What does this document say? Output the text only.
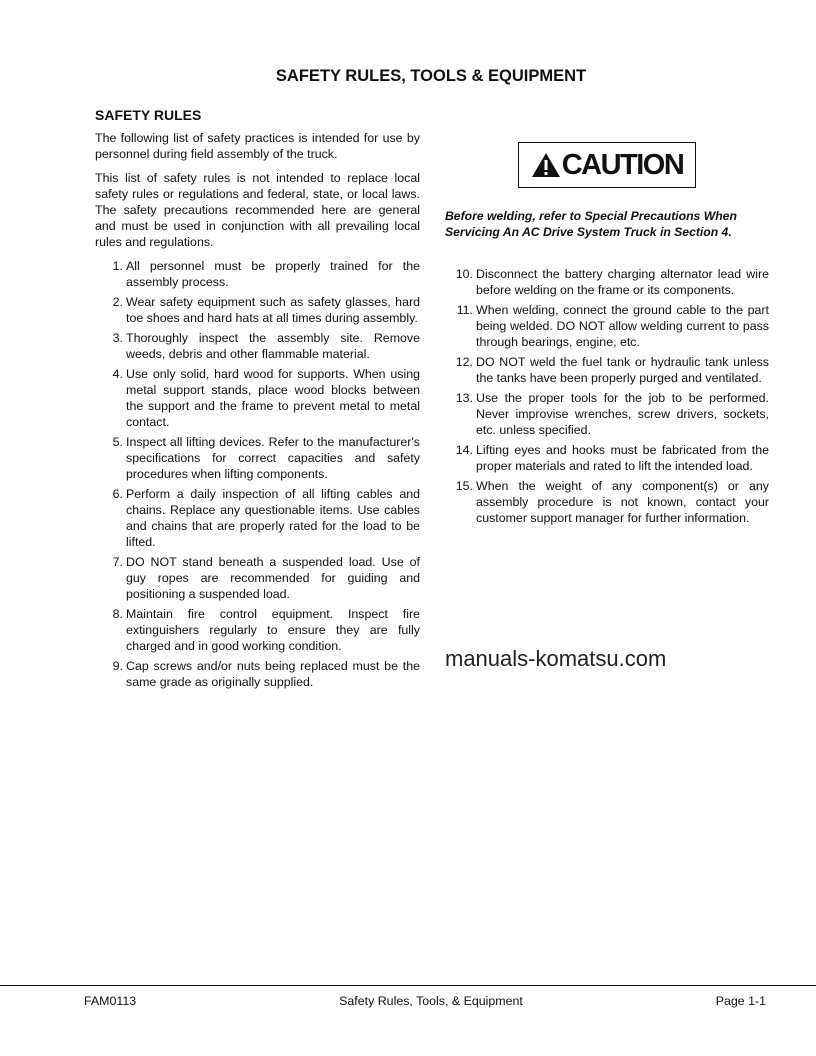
SAFETY RULES, TOOLS & EQUIPMENT
SAFETY RULES

The following list of safety practices is intended for use by personnel during field assembly of the truck.

This list of safety rules is not intended to replace local safety rules or regulations and federal, state, or local laws. The safety precautions recommended here are general and must be used in conjunction with all prevailing local rules and regulations.

1. All personnel must be properly trained for the assembly process.
2. Wear safety equipment such as safety glasses, hard toe shoes and hard hats at all times during assembly.
3. Thoroughly inspect the assembly site. Remove weeds, debris and other flammable material.
4. Use only solid, hard wood for supports. When using metal support stands, place wood blocks between the support and the frame to prevent metal to metal contact.
5. Inspect all lifting devices. Refer to the manufacturer's specifications for correct capacities and safety procedures when lifting components.
6. Perform a daily inspection of all lifting cables and chains. Replace any questionable items. Use cables and chains that are properly rated for the load to be lifted.
7. DO NOT stand beneath a suspended load. Use of guy ropes are recommended for guiding and positioning a suspended load.
8. Maintain fire control equipment. Inspect fire extinguishers regularly to ensure they are fully charged and in good working condition.
9. Cap screws and/or nuts being replaced must be the same grade as originally supplied.
CAUTION
Before welding, refer to Special Precautions When Servicing An AC Drive System Truck in Section 4.
10. Disconnect the battery charging alternator lead wire before welding on the frame or its components.
11. When welding, connect the ground cable to the part being welded. DO NOT allow welding current to pass through bearings, engine, etc.
12. DO NOT weld the fuel tank or hydraulic tank unless the tanks have been properly purged and ventilated.
13. Use the proper tools for the job to be performed. Never improvise wrenches, screw drivers, sockets, etc. unless specified.
14. Lifting eyes and hooks must be fabricated from the proper materials and rated to lift the intended load.
15. When the weight of any component(s) or any assembly procedure is not known, contact your customer support manager for further information.
manuals-komatsu.com
FAM0113	Safety Rules, Tools, & Equipment	Page 1-1
